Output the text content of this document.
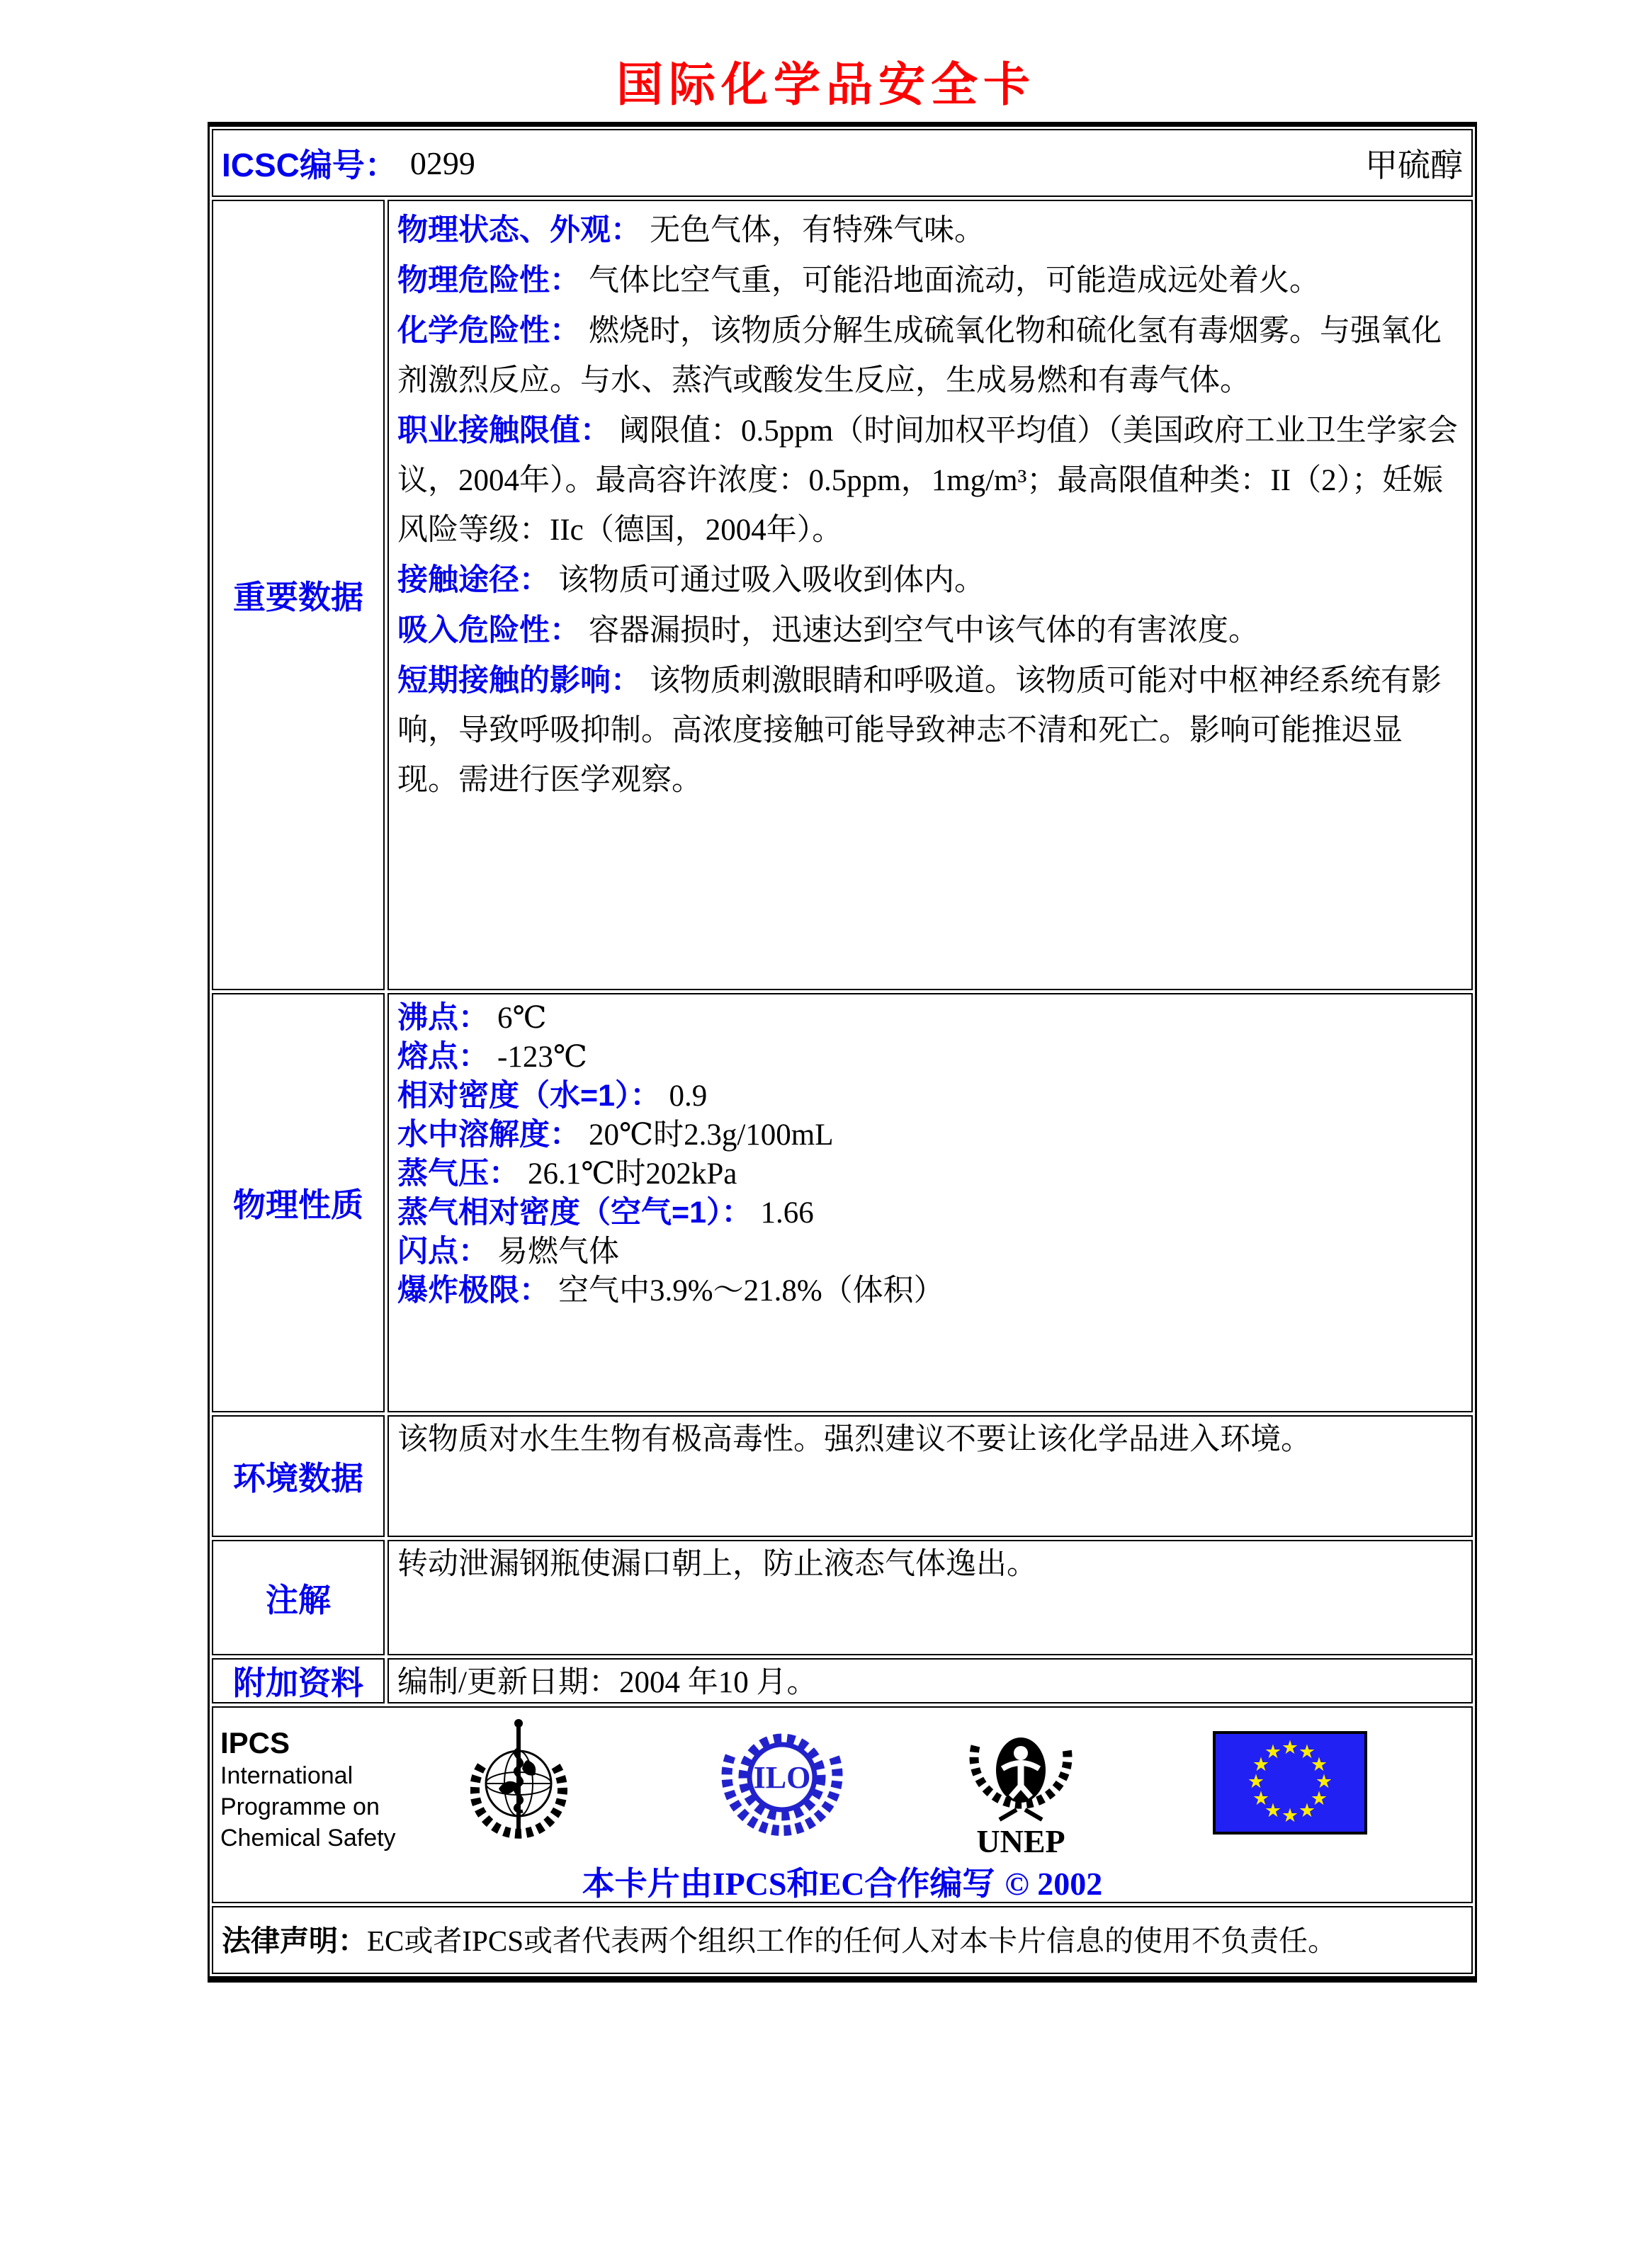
国际化学品安全卡
ICSC编号： 0299	甲硫醇
重要数据

物理状态、外观： 无色气体，有特殊气味。

物理危险性： 气体比空气重，可能沿地面流动，可能造成远处着火。

化学危险性： 燃烧时，该物质分解生成硫氧化物和硫化氢有毒烟雾。与强氧化剂激烈反应。与水、蒸汽或酸发生反应，生成易燃和有毒气体。

职业接触限值： 阈限值：0.5ppm（时间加权平均值）（美国政府工业卫生学家会议，2004年）。最高容许浓度：0.5ppm，1mg/m³；最高限值种类：II（2）；妊娠风险等级：IIc（德国，2004年）。

接触途径： 该物质可通过吸入吸收到体内。

吸入危险性： 容器漏损时，迅速达到空气中该气体的有害浓度。

短期接触的影响： 该物质刺激眼睛和呼吸道。该物质可能对中枢神经系统有影响，导致呼吸抑制。高浓度接触可能导致神志不清和死亡。影响可能推迟显现。需进行医学观察。

物理性质

沸点： 6℃

熔点： -123℃

相对密度（水=1）： 0.9

水中溶解度： 20℃时2.3g/100mL

蒸气压： 26.1℃时202kPa

蒸气相对密度（空气=1）： 1.66

闪点： 易燃气体

爆炸极限： 空气中3.9%～21.8%（体积）

环境数据

该物质对水生生物有极高毒性。强烈建议不要让该化学品进入环境。

注解

转动泄漏钢瓶使漏口朝上，防止液态气体逸出。

附加资料	编制/更新日期：2004 年10 月。

IPCS
International
Programme on
Chemical Safety
ILO
UNEP
★ ★
★
★
★
★
★
★
★
★
★
★
本卡片由IPCS和EC合作编写 © 2002
法律声明：EC或者IPCS或者代表两个组织工作的任何人对本卡片信息的使用不负责任。
